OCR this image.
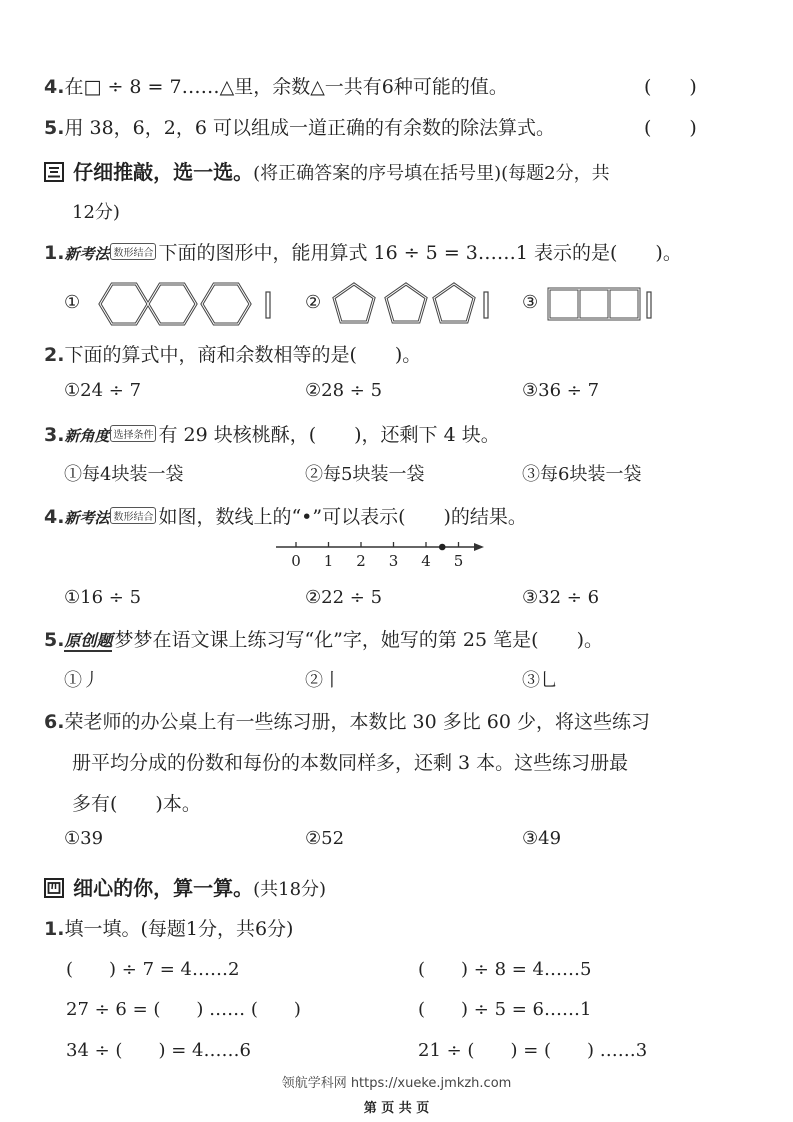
4.在□ ÷ 8 = 7……△里，余数△一共有6种可能的值。	(　　)
5.用 38，6，2，6 可以组成一道正确的有余数的除法算式。	(　　)
仔细推敲，选一选。(将正确答案的序号填在括号里)(每题2分，共
12分)
1.新考法 数形结合 下面的图形中，能用算式 16 ÷ 5 = 3……1 表示的是(　　)。
①	②	③
2.下面的算式中，商和余数相等的是(　　)。
①24 ÷ 7	②28 ÷ 5	③36 ÷ 7
3.新角度 选择条件 有 29 块核桃酥，(　　)，还剩下 4 块。
①每4块装一袋	②每5块装一袋	③每6块装一袋
4.新考法 数形结合 如图，数线上的“•”可以表示(　　)的结果。
0 1 2 3 4 5
①16 ÷ 5	②22 ÷ 5	③32 ÷ 6
5.原创题 梦梦在语文课上练习写“化”字，她写的第 25 笔是(　　)。
①丿	②丨	③乚
6.荣老师的办公桌上有一些练习册，本数比 30 多比 60 少，将这些练习
册平均分成的份数和每份的本数同样多，还剩 3 本。这些练习册最
多有(　　)本。
①39	②52	③49
细心的你，算一算。(共18分)
1.填一填。(每题1分，共6分)
(　　) ÷ 7 = 4……2	(　　) ÷ 8 = 4……5
27 ÷ 6 = (　　) …… (　　)	(　　) ÷ 5 = 6……1
34 ÷ (　　) = 4……6	21 ÷ (　　) = (　　) ……3
领航学科网 https://xueke.jmkzh.com
第 页 共 页
